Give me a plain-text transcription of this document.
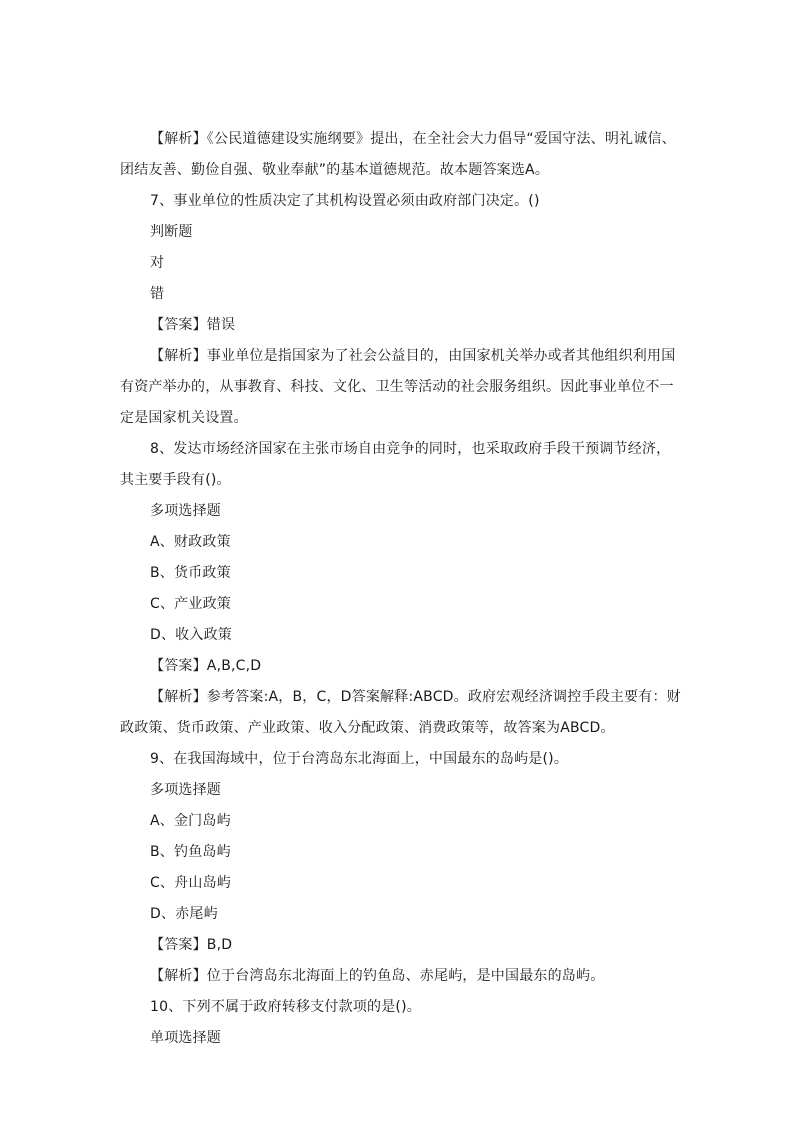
【解析】《公民道德建设实施纲要》提出，在全社会大力倡导“爱国守法、明礼诚信、
团结友善、勤俭自强、敬业奉献”的基本道德规范。故本题答案选A。
7、事业单位的性质决定了其机构设置必须由政府部门决定。()
判断题
对
错
【答案】错误
【解析】事业单位是指国家为了社会公益目的，由国家机关举办或者其他组织利用国
有资产举办的，从事教育、科技、文化、卫生等活动的社会服务组织。因此事业单位不一
定是国家机关设置。
8、发达市场经济国家在主张市场自由竞争的同时，也采取政府手段干预调节经济，
其主要手段有()。
多项选择题
A、财政政策
B、货币政策
C、产业政策
D、收入政策
【答案】A,B,C,D
【解析】参考答案:A，B，C，D答案解释:ABCD。政府宏观经济调控手段主要有：财
政政策、货币政策、产业政策、收入分配政策、消费政策等，故答案为ABCD。
9、在我国海域中，位于台湾岛东北海面上，中国最东的岛屿是()。
多项选择题
A、金门岛屿
B、钓鱼岛屿
C、舟山岛屿
D、赤尾屿
【答案】B,D
【解析】位于台湾岛东北海面上的钓鱼岛、赤尾屿，是中国最东的岛屿。
10、下列不属于政府转移支付款项的是()。
单项选择题
